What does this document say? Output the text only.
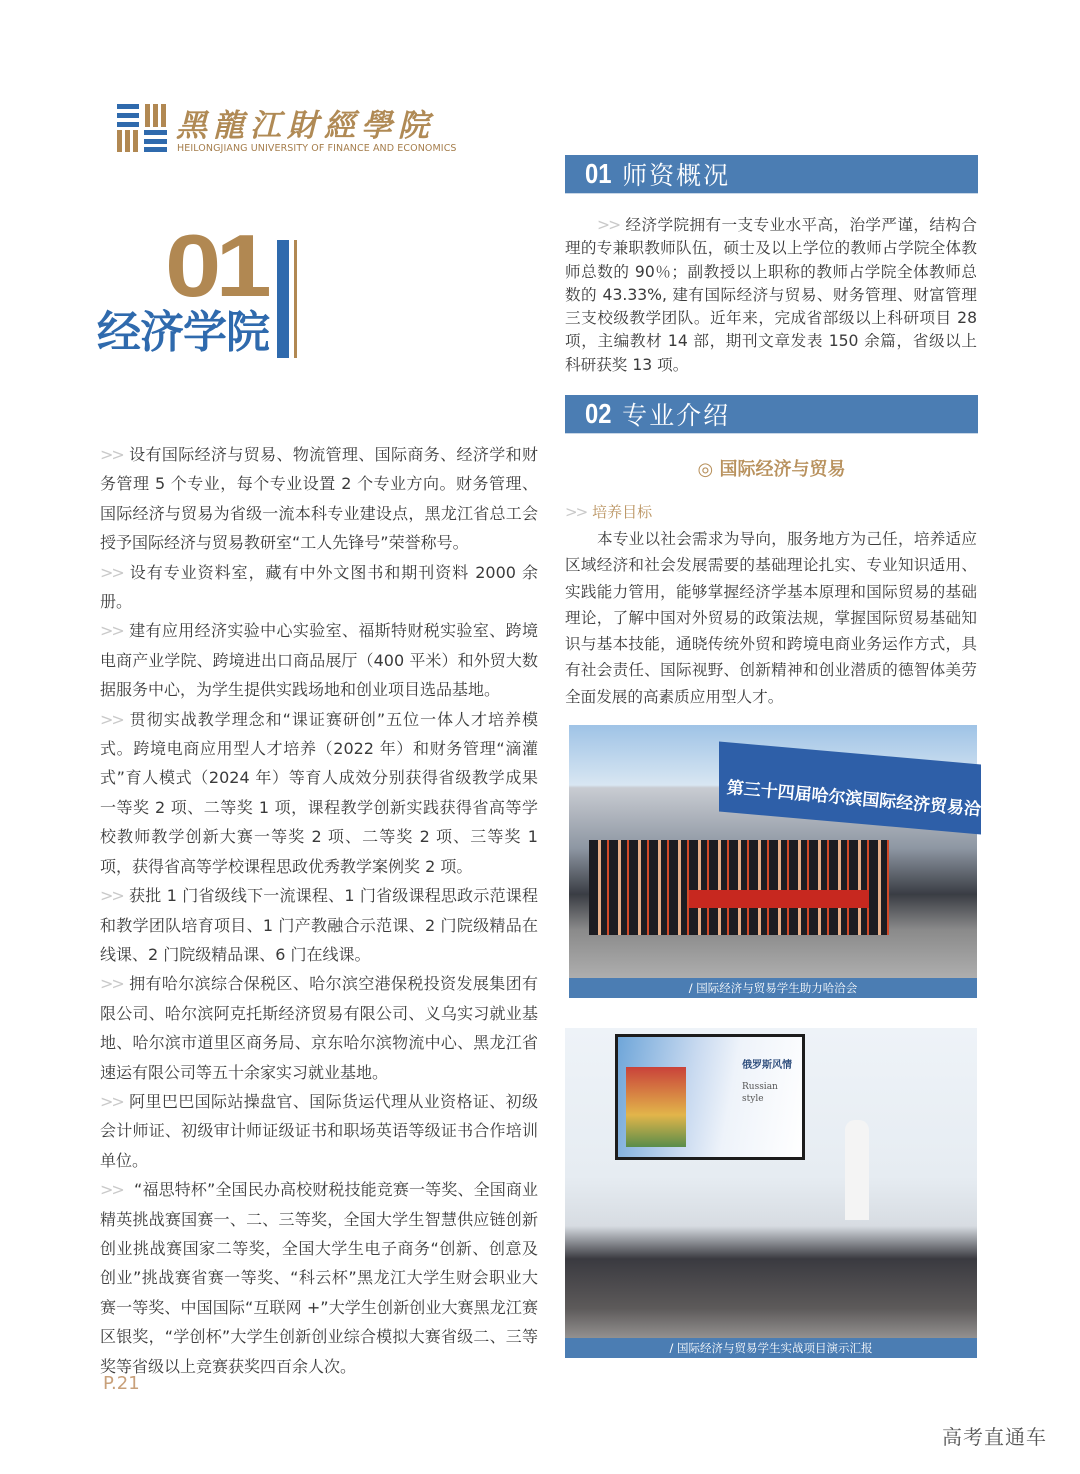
黑龍江財經學院
HEILONGJIANG UNIVERSITY OF FINANCE AND ECONOMICS
01
经济学院

>> 设有国际经济与贸易、物流管理、国际商务、经济学和财务管理 5 个专业，每个专业设置 2 个专业方向。财务管理、国际经济与贸易为省级一流本科专业建设点，黑龙江省总工会授予国际经济与贸易教研室“工人先锋号”荣誉称号。

>> 设有专业资料室，藏有中外文图书和期刊资料 2000 余册。

>> 建有应用经济实验中心实验室、福斯特财税实验室、跨境电商产业学院、跨境进出口商品展厅（400 平米）和外贸大数据服务中心，为学生提供实践场地和创业项目选品基地。

>> 贯彻实战教学理念和“课证赛研创”五位一体人才培养模式。跨境电商应用型人才培养（2022 年）和财务管理“滴灌式”育人模式（2024 年）等育人成效分别获得省级教学成果一等奖 2 项、二等奖 1 项，课程教学创新实践获得省高等学校教师教学创新大赛一等奖 2 项、二等奖 2 项、三等奖 1 项，获得省高等学校课程思政优秀教学案例奖 2 项。

>> 获批 1 门省级线下一流课程、1 门省级课程思政示范课程和教学团队培育项目、1 门产教融合示范课、2 门院级精品在线课、2 门院级精品课、6 门在线课。

>> 拥有哈尔滨综合保税区、哈尔滨空港保税投资发展集团有限公司、哈尔滨阿克托斯经济贸易有限公司、义乌实习就业基地、哈尔滨市道里区商务局、京东哈尔滨物流中心、黑龙江省速运有限公司等五十余家实习就业基地。

>> 阿里巴巴国际站操盘官、国际货运代理从业资格证、初级会计师证、初级审计师证级证书和职场英语等级证书合作培训单位。

>> “福思特杯”全国民办高校财税技能竞赛一等奖、全国商业精英挑战赛国赛一、二、三等奖，全国大学生智慧供应链创新创业挑战赛国家二等奖，全国大学生电子商务“创新、创意及创业”挑战赛省赛一等奖、“科云杯”黑龙江大学生财会职业大赛一等奖、中国国际“互联网 +”大学生创新创业大赛黑龙江赛区银奖，“学创杯”大学生创新创业综合模拟大赛省级二、三等奖等省级以上竞赛获奖四百余人次。

01 师资概况
>> 经济学院拥有一支专业水平高，治学严谨，结构合理的专兼职教师队伍，硕士及以上学位的教师占学院全体教师总数的 90％；副教授以上职称的教师占学院全体教师总数的 43.33%, 建有国际经济与贸易、财务管理、财富管理三支校级教学团队。近年来，完成省部级以上科研项目 28 项，主编教材 14 部，期刊文章发表 150 余篇，省级以上科研获奖 13 项。
02 专业介绍
◎ 国际经济与贸易
>> 培养目标
本专业以社会需求为导向，服务地方为己任，培养适应区域经济和社会发展需要的基础理论扎实、专业知识适用、实践能力管用，能够掌握经济学基本原理和国际贸易的基础理论，了解中国对外贸易的政策法规，掌握国际贸易基础知识与基本技能，通晓传统外贸和跨境电商业务运作方式，具有社会责任、国际视野、创新精神和创业潜质的德智体美劳全面发展的高素质应用型人才。
第三十四届哈尔滨国际经济贸易洽谈会
/ 国际经济与贸易学生助力哈洽会
俄罗斯风情
Russian style
/ 国际经济与贸易学生实战项目演示汇报
P.21
高考直通车
